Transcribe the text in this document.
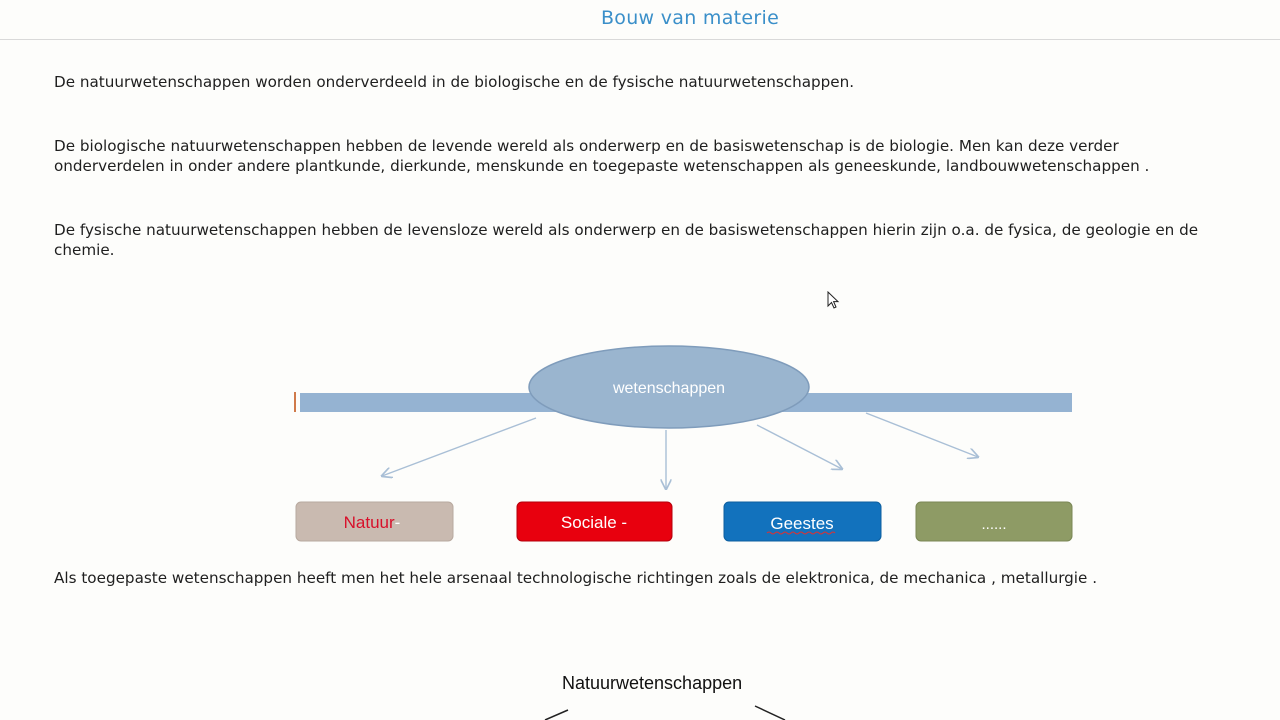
Bouw van materie

De natuurwetenschappen worden onderverdeeld in de biologische en de fysische natuurwetenschappen.

De biologische natuurwetenschappen hebben de levende wereld als onderwerp en de basiswetenschap is de biologie. Men kan deze verder
onderverdelen in onder andere plantkunde, dierkunde, menskunde en toegepaste wetenschappen als geneeskunde, landbouwwetenschappen .

De fysische natuurwetenschappen hebben de levensloze wereld als onderwerp en de basiswetenschappen hierin zijn o.a. de fysica, de geologie en de
chemie.

wetenschappen
Natuur-	Sociale -	Geestes	......

Als toegepaste wetenschappen heeft men het hele arsenaal technologische richtingen zoals de elektronica, de mechanica , metallurgie .

Natuurwetenschappen
